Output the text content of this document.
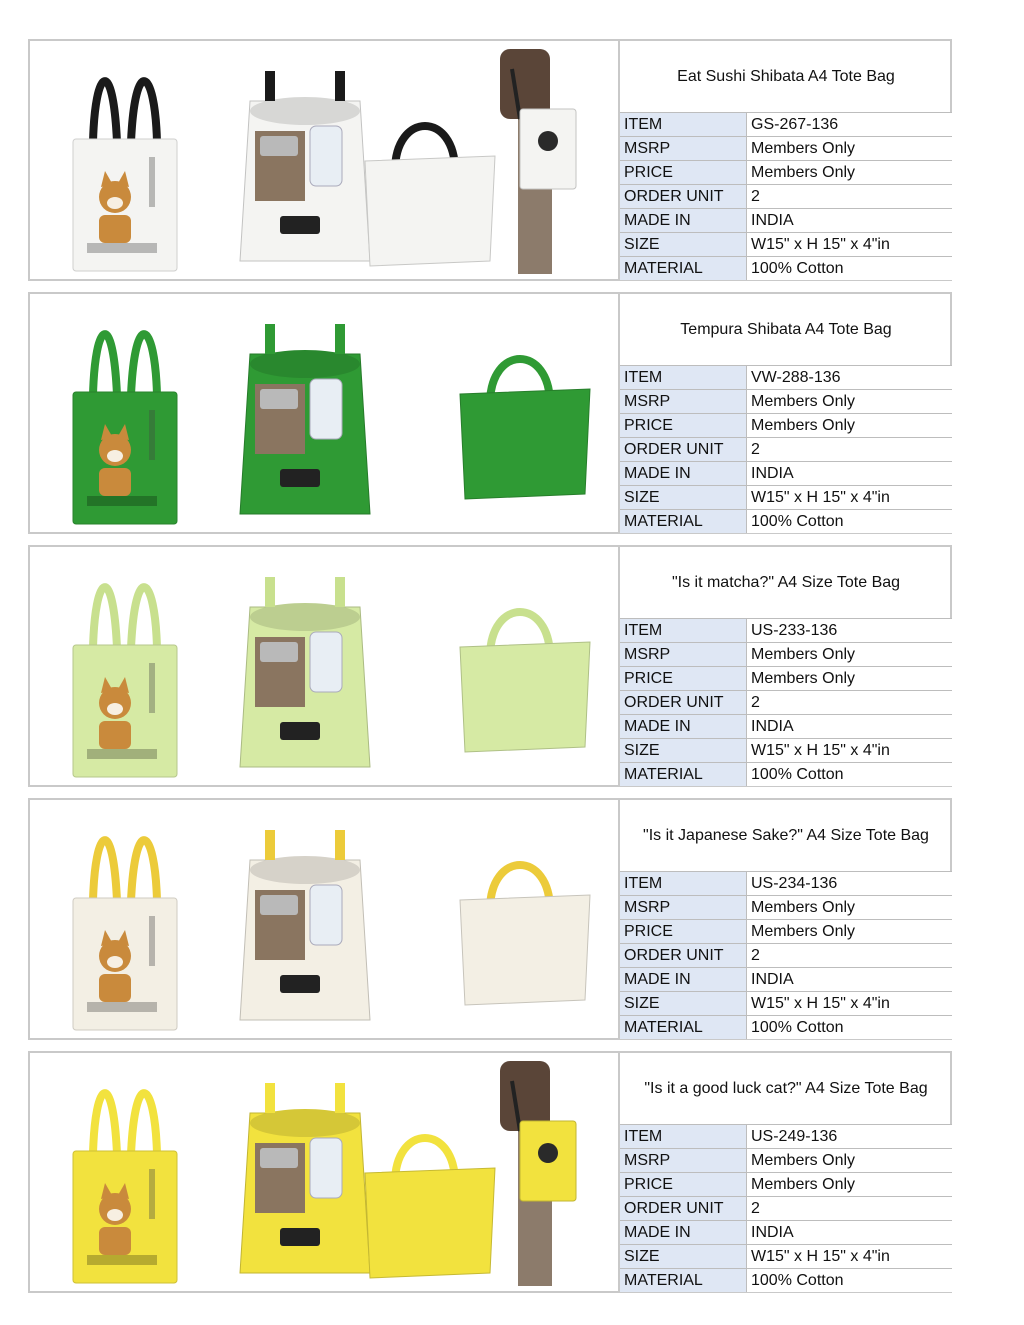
Eat Sushi Shibata A4 Tote Bag
ITEM	GS-267-136
MSRP	Members Only
PRICE	Members Only
ORDER UNIT	2
MADE IN	INDIA
SIZE	W15" x H 15" x 4"in
MATERIAL	100% Cotton
Tempura Shibata A4 Tote Bag
ITEM	VW-288-136
MSRP	Members Only
PRICE	Members Only
ORDER UNIT	2
MADE IN	INDIA
SIZE	W15" x H 15" x 4"in
MATERIAL	100% Cotton
"Is it matcha?" A4 Size Tote Bag
ITEM	US-233-136
MSRP	Members Only
PRICE	Members Only
ORDER UNIT	2
MADE IN	INDIA
SIZE	W15" x H 15" x 4"in
MATERIAL	100% Cotton
"Is it Japanese Sake?" A4 Size Tote Bag
ITEM	US-234-136
MSRP	Members Only
PRICE	Members Only
ORDER UNIT	2
MADE IN	INDIA
SIZE	W15" x H 15" x 4"in
MATERIAL	100% Cotton
"Is it a good luck cat?" A4 Size Tote Bag
ITEM	US-249-136
MSRP	Members Only
PRICE	Members Only
ORDER UNIT	2
MADE IN	INDIA
SIZE	W15" x H 15" x 4"in
MATERIAL	100% Cotton
